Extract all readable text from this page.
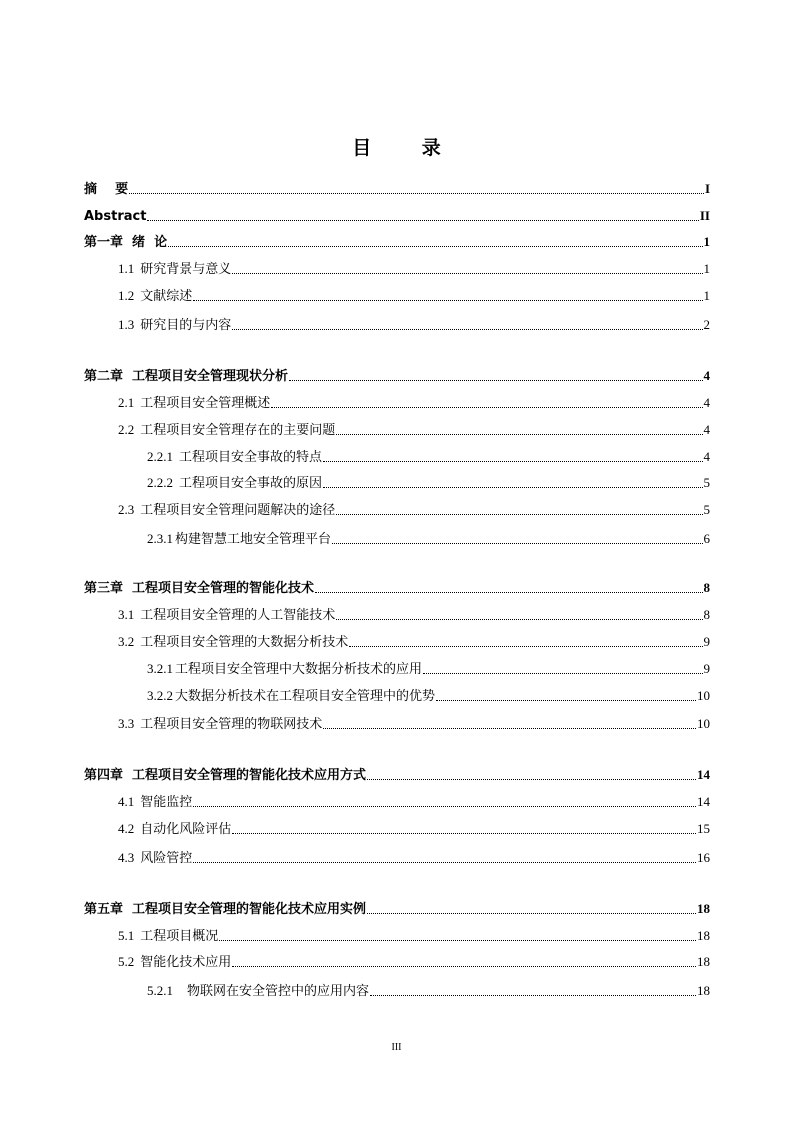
目 录
摘    要	I
Abstract	II
第一章  绪  论	1
1.1 研究背景与意义	1
1.2 文献综述	1
1.3 研究目的与内容	2
第二章  工程项目安全管理现状分析	4
2.1 工程项目安全管理概述	4
2.2 工程项目安全管理存在的主要问题	4
2.2.1 工程项目安全事故的特点	4
2.2.2 工程项目安全事故的原因	5
2.3 工程项目安全管理问题解决的途径	5
2.3.1 构建智慧工地安全管理平台	6
第三章  工程项目安全管理的智能化技术	8
3.1 工程项目安全管理的人工智能技术	8
3.2 工程项目安全管理的大数据分析技术	9
3.2.1 工程项目安全管理中大数据分析技术的应用	9
3.2.2 大数据分析技术在工程项目安全管理中的优势	10
3.3 工程项目安全管理的物联网技术	10
第四章  工程项目安全管理的智能化技术应用方式	14
4.1 智能监控	14
4.2 自动化风险评估	15
4.3 风险管控	16
第五章  工程项目安全管理的智能化技术应用实例	18
5.1 工程项目概况	18
5.2 智能化技术应用	18
5.2.1 物联网在安全管控中的应用内容	18
III
